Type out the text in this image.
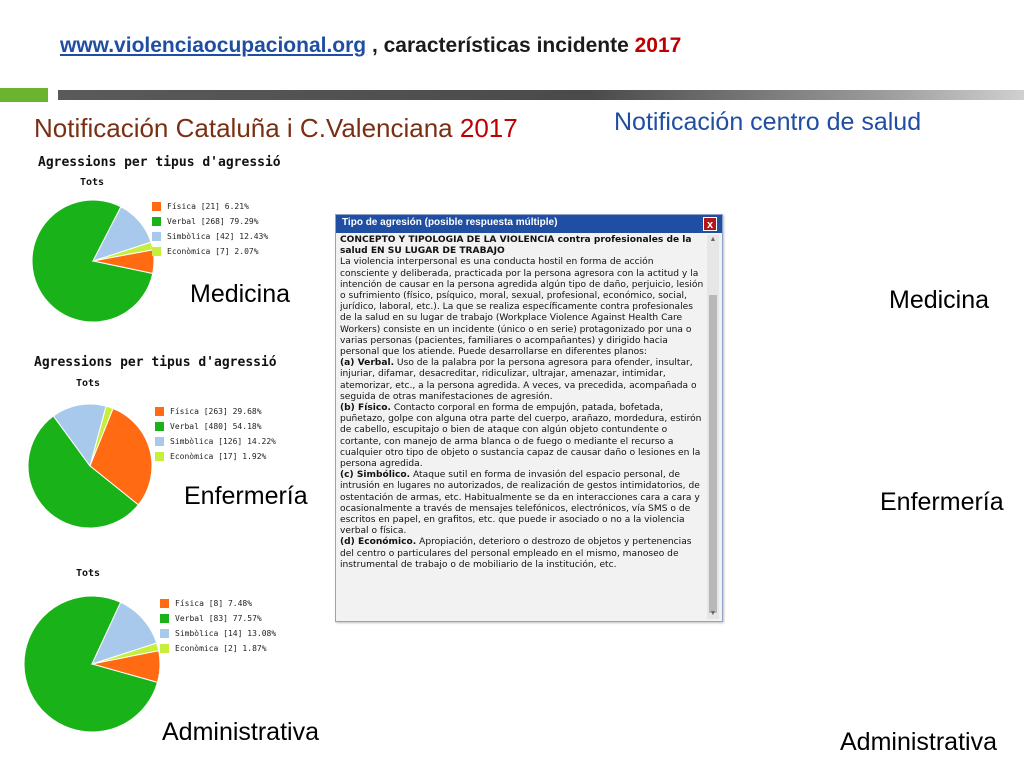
www.violenciaocupacional.org , características incidente 2017
Notificación Cataluña i C.Valenciana 2017	Notificación centro de salud
Agressions per tipus d'agressió
Tots
Física [21] 6.21%
Verbal [268] 79.29%
Simbòlica [42] 12.43%
Econòmica [7] 2.07%
Medicina
Agressions per tipus d'agressió
Tots
Física [263] 29.68%
Verbal [480] 54.18%
Simbòlica [126] 14.22%
Econòmica [17] 1.92%
Enfermería
Tots
Física [8] 7.48%
Verbal [83] 77.57%
Simbòlica [14] 13.08%
Econòmica [2] 1.87%
Administrativa
Medicina
Enfermería
Administrativa
Tipo de agresión (posible respuesta múltiple)	x

CONCEPTO Y TIPOLOGÍA DE LA VIOLENCIA contra profesionales de la salud EN SU LUGAR DE TRABAJO

La violencia interpersonal es una conducta hostil en forma de acción consciente y deliberada, practicada por la persona agresora con la actitud y la intención de causar en la persona agredida algún tipo de daño, perjuicio, lesión o sufrimiento (físico, psíquico, moral, sexual, profesional, económico, social, jurídico, laboral, etc.). La que se realiza específicamente contra profesionales de la salud en su lugar de trabajo (Workplace Violence Against Health Care Workers) consiste en un incidente (único o en serie) protagonizado por una o varias personas (pacientes, familiares o acompañantes) y dirigido hacia personal que los atiende. Puede desarrollarse en diferentes planos:

(a) Verbal. Uso de la palabra por la persona agresora para ofender, insultar, injuriar, difamar, desacreditar, ridiculizar, ultrajar, amenazar, intimidar, atemorizar, etc., a la persona agredida. A veces, va precedida, acompañada o seguida de otras manifestaciones de agresión.

(b) Físico. Contacto corporal en forma de empujón, patada, bofetada, puñetazo, golpe con alguna otra parte del cuerpo, arañazo, mordedura, estirón de cabello, escupitajo o bien de ataque con algún objeto contundente o cortante, con manejo de arma blanca o de fuego o mediante el recurso a cualquier otro tipo de objeto o sustancia capaz de causar daño o lesiones en la persona agredida.

(c) Simbólico. Ataque sutil en forma de invasión del espacio personal, de intrusión en lugares no autorizados, de realización de gestos intimidatorios, de ostentación de armas, etc. Habitualmente se da en interacciones cara a cara y ocasionalmente a través de mensajes telefónicos, electrónicos, vía SMS o de escritos en papel, en grafitos, etc. que puede ir asociado o no a la violencia verbal o física.

(d) Económico. Apropiación, deterioro o destrozo de objetos y pertenencias del centro o particulares del personal empleado en el mismo, manoseo de instrumental de trabajo o de mobiliario de la institución, etc.

▲
▼
